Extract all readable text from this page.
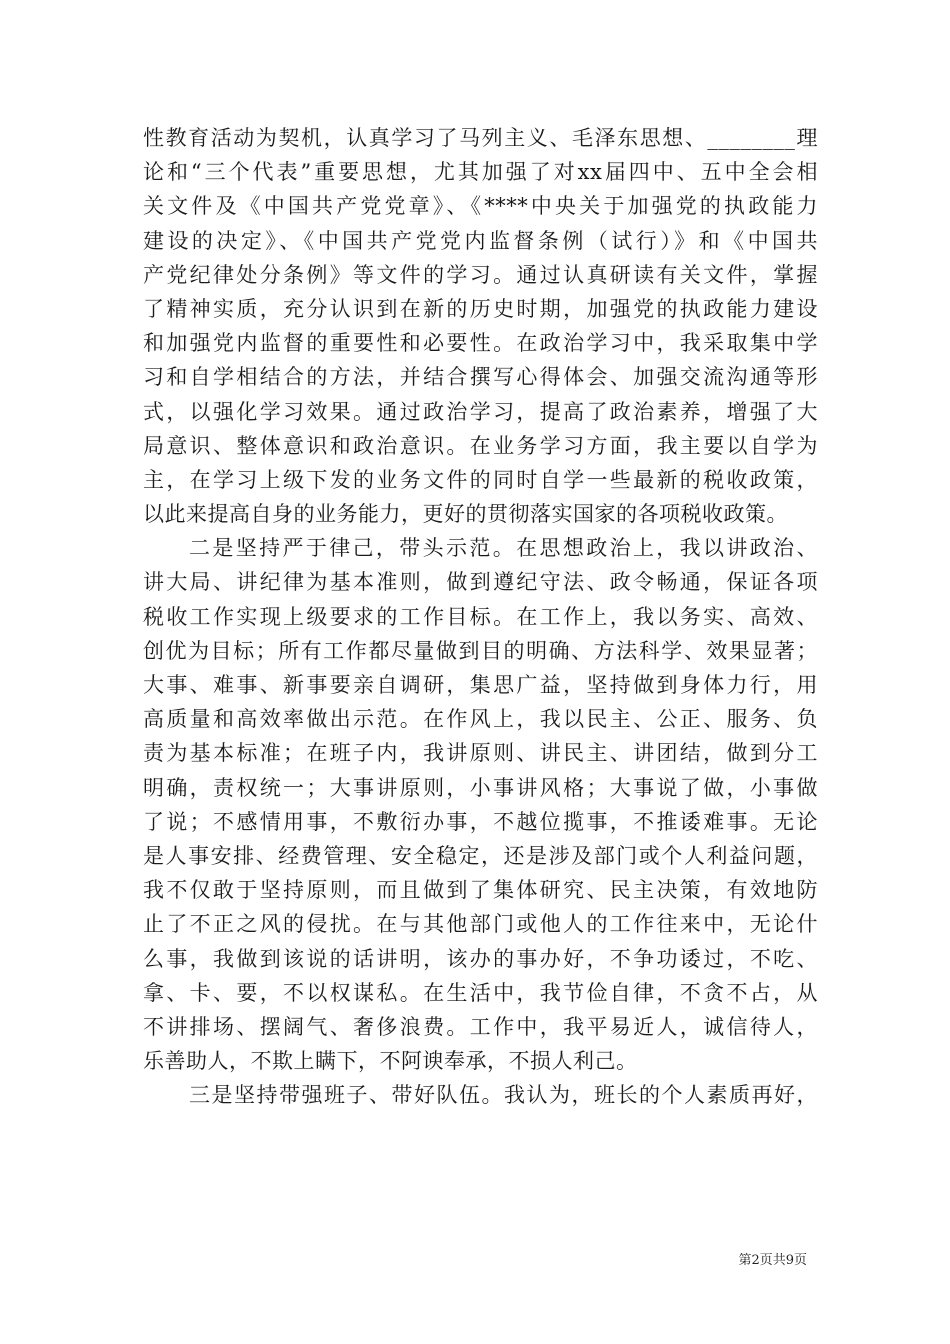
性教育活动为契机，认真学习了马列主义、毛泽东思想、________理
论和“三个代表”重要思想，尤其加强了对xx届四中、五中全会相
关文件及《中国共产党党章》、《****中央关于加强党的执政能力
建设的决定》、《中国共产党党内监督条例（试行）》和《中国共
产党纪律处分条例》等文件的学习。通过认真研读有关文件，掌握
了精神实质，充分认识到在新的历史时期，加强党的执政能力建设
和加强党内监督的重要性和必要性。在政治学习中，我采取集中学
习和自学相结合的方法，并结合撰写心得体会、加强交流沟通等形
式，以强化学习效果。通过政治学习，提高了政治素养，增强了大
局意识、整体意识和政治意识。在业务学习方面，我主要以自学为
主，在学习上级下发的业务文件的同时自学一些最新的税收政策，
以此来提高自身的业务能力，更好的贯彻落实国家的各项税收政策。
二是坚持严于律己，带头示范。在思想政治上，我以讲政治、
讲大局、讲纪律为基本准则，做到遵纪守法、政令畅通，保证各项
税收工作实现上级要求的工作目标。在工作上，我以务实、高效、
创优为目标；所有工作都尽量做到目的明确、方法科学、效果显著；
大事、难事、新事要亲自调研，集思广益，坚持做到身体力行，用
高质量和高效率做出示范。在作风上，我以民主、公正、服务、负
责为基本标准；在班子内，我讲原则、讲民主、讲团结，做到分工
明确，责权统一；大事讲原则，小事讲风格；大事说了做，小事做
了说；不感情用事，不敷衍办事，不越位揽事，不推诿难事。无论
是人事安排、经费管理、安全稳定，还是涉及部门或个人利益问题，
我不仅敢于坚持原则，而且做到了集体研究、民主决策，有效地防
止了不正之风的侵扰。在与其他部门或他人的工作往来中，无论什
么事，我做到该说的话讲明，该办的事办好，不争功诿过，不吃、
拿、卡、要，不以权谋私。在生活中，我节俭自律，不贪不占，从
不讲排场、摆阔气、奢侈浪费。工作中，我平易近人，诚信待人，
乐善助人，不欺上瞒下，不阿谀奉承，不损人利己。
三是坚持带强班子、带好队伍。我认为，班长的个人素质再好，
第2页共9页
